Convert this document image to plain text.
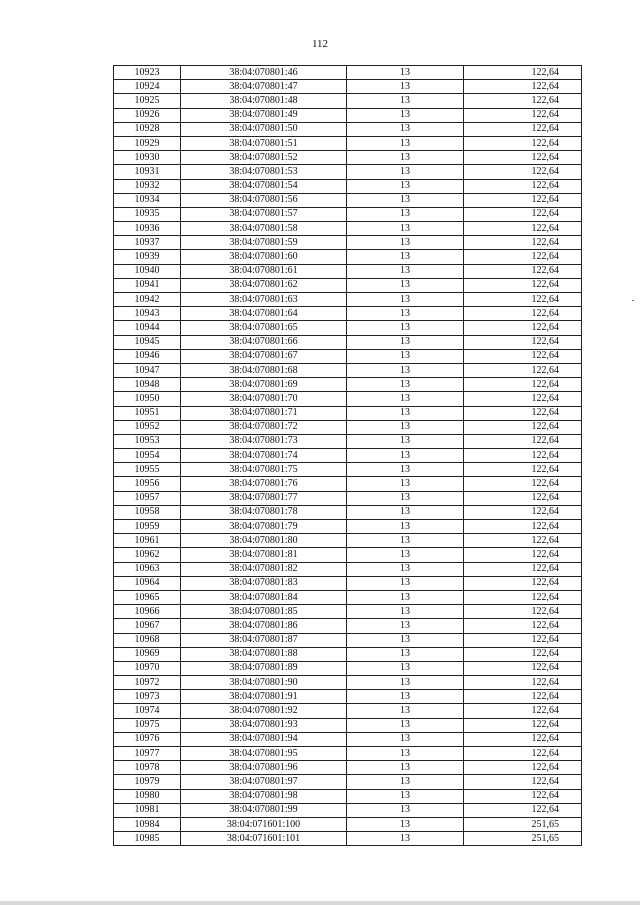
112
10923	38:04:070801:46	13	122,64
10924	38:04:070801:47	13	122,64
10925	38:04:070801:48	13	122,64
10926	38:04:070801:49	13	122,64
10928	38:04:070801:50	13	122,64
10929	38:04:070801:51	13	122,64
10930	38:04:070801:52	13	122,64
10931	38:04:070801:53	13	122,64
10932	38:04:070801:54	13	122,64
10934	38:04:070801:56	13	122,64
10935	38:04:070801:57	13	122,64
10936	38:04:070801:58	13	122,64
10937	38:04:070801:59	13	122,64
10939	38:04:070801:60	13	122,64
10940	38:04:070801:61	13	122,64
10941	38:04:070801:62	13	122,64
10942	38:04:070801:63	13	122,64
10943	38:04:070801:64	13	122,64
10944	38:04:070801:65	13	122,64
10945	38:04:070801:66	13	122,64
10946	38:04:070801:67	13	122,64
10947	38:04:070801:68	13	122,64
10948	38:04:070801:69	13	122,64
10950	38:04:070801:70	13	122,64
10951	38:04:070801:71	13	122,64
10952	38:04:070801:72	13	122,64
10953	38:04:070801:73	13	122,64
10954	38:04:070801:74	13	122,64
10955	38:04:070801:75	13	122,64
10956	38:04:070801:76	13	122,64
10957	38:04:070801:77	13	122,64
10958	38:04:070801:78	13	122,64
10959	38:04:070801:79	13	122,64
10961	38:04:070801:80	13	122,64
10962	38:04:070801:81	13	122,64
10963	38:04:070801:82	13	122,64
10964	38:04:070801:83	13	122,64
10965	38:04:070801:84	13	122,64
10966	38:04:070801:85	13	122,64
10967	38:04:070801:86	13	122,64
10968	38:04:070801:87	13	122,64
10969	38:04:070801:88	13	122,64
10970	38:04:070801:89	13	122,64
10972	38:04:070801:90	13	122,64
10973	38:04:070801:91	13	122,64
10974	38:04:070801:92	13	122,64
10975	38:04:070801:93	13	122,64
10976	38:04:070801:94	13	122,64
10977	38:04:070801:95	13	122,64
10978	38:04:070801:96	13	122,64
10979	38:04:070801:97	13	122,64
10980	38:04:070801:98	13	122,64
10981	38:04:070801:99	13	122,64
10984	38:04:071601:100	13	251,65
10985	38:04:071601:101	13	251,65
